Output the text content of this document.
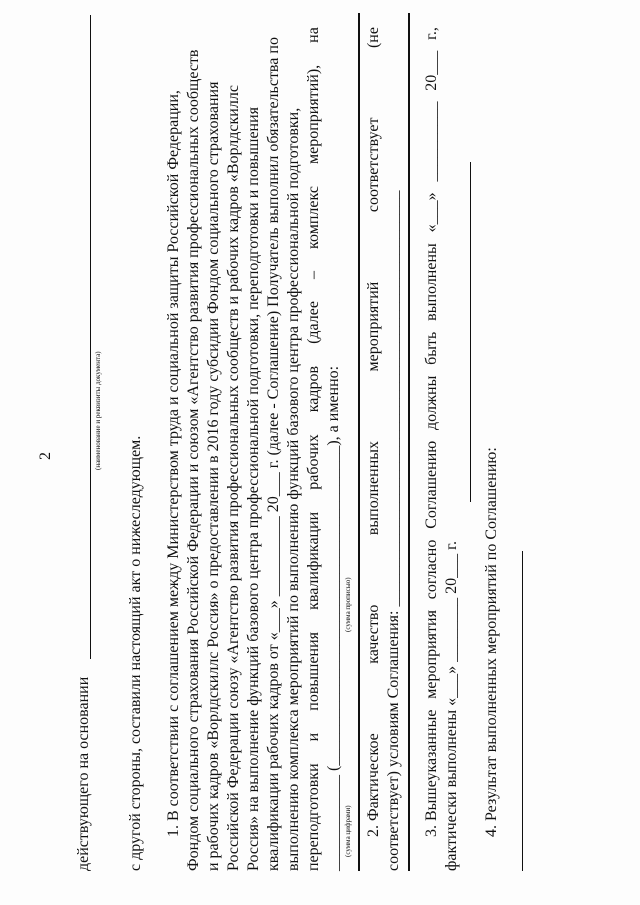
2
действующего на основании
(наименование и реквизиты документа)
с другой стороны, составили настоящий акт о нижеследующем. 1. В соответствии с соглашением между Министерством труда и социальной защиты Российской Федерации, Фондом социального страхования Российской Федерации и союзом «Агентство развития профессиональных сообществ и рабочих кадров «Ворлдскиллс Россия» о предоставлении в 2016 году субсидии Фондом социального страхования Российской Федерации союзу «Агентство развития профессиональных сообществ и рабочих кадров «Ворлдскиллс Россия» на выполнение функций базового центра профессиональной подготовки, переподготовки и повышения квалификации рабочих кадров от «___» __________ 20___ г. (далее - Соглашение) Получатель выполнил обязательства по выполнению комплекса мероприятий по выполнению функций базового центра профессиональной подготовки, переподготовки
и
повышения
квалификации
рабочих
кадров
(далее
–
комплекс
мероприятий),
на
____________ (________________________________________), а именно: (сумма цифрами)
(сумма прописью)
2. Фактическое
качество
выполненных
мероприятий
соответствует
(не
соответствует) условиям Соглашения: ____________________________________________________ 3. Вышеуказанные
мероприятия
согласно
Соглашению
должны
быть
выполнены
«___»
__________
20___
г.,
фактически выполнены «___» ________ 20___ г. 4. Результат выполненных мероприятий по Соглашению:
